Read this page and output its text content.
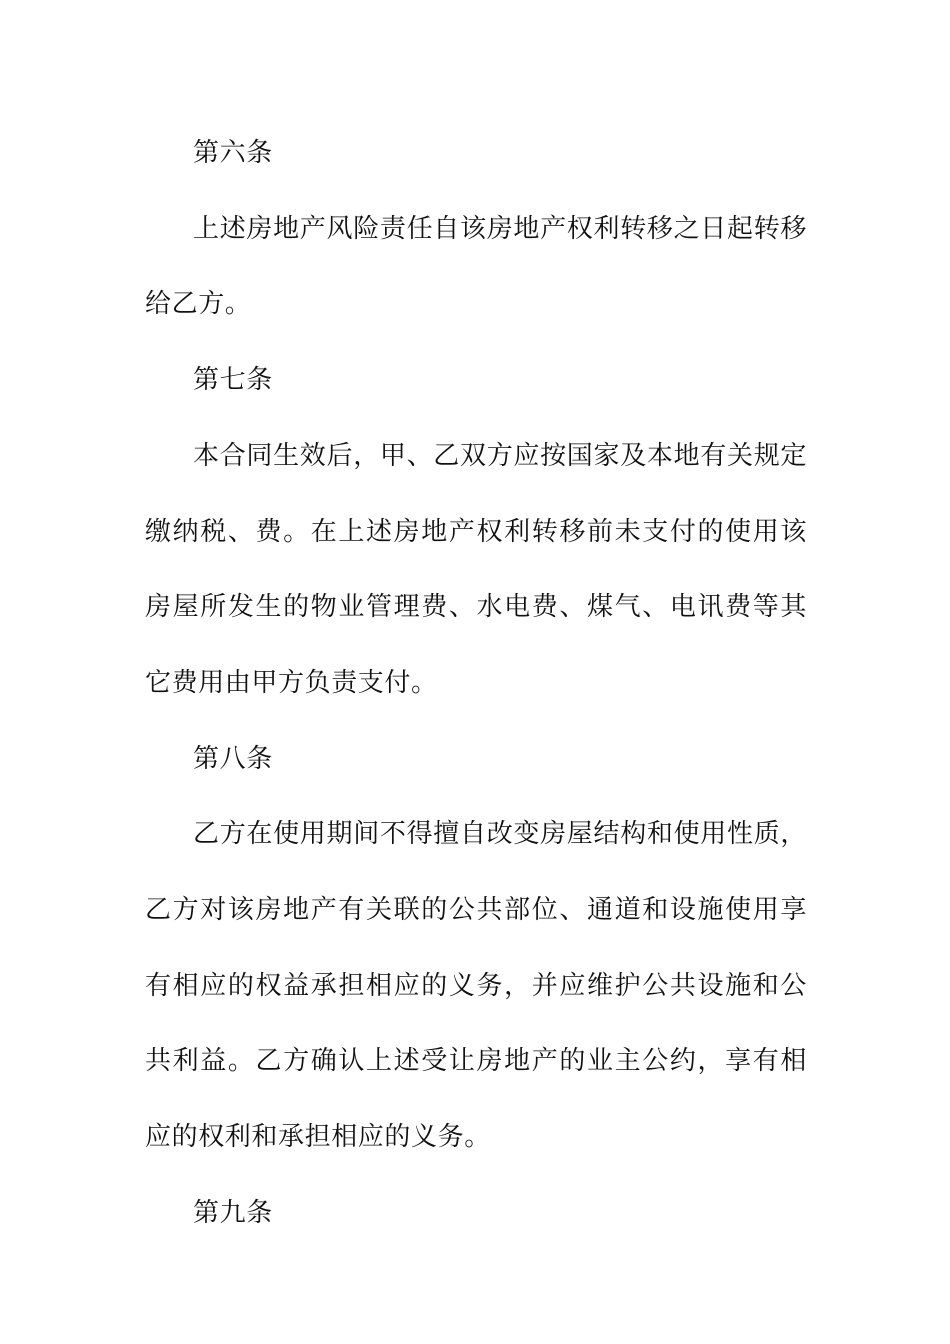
第六条

上述房地产风险责任自该房地产权利转移之日起转移给乙方。

第七条

本合同生效后，甲、乙双方应按国家及本地有关规定缴纳税、费。在上述房地产权利转移前未支付的使用该房屋所发生的物业管理费、水电费、煤气、电讯费等其它费用由甲方负责支付。

第八条

乙方在使用期间不得擅自改变房屋结构和使用性质，乙方对该房地产有关联的公共部位、通道和设施使用享有相应的权益承担相应的义务，并应维护公共设施和公共利益。乙方确认上述受让房地产的业主公约，享有相应的权利和承担相应的义务。

第九条
